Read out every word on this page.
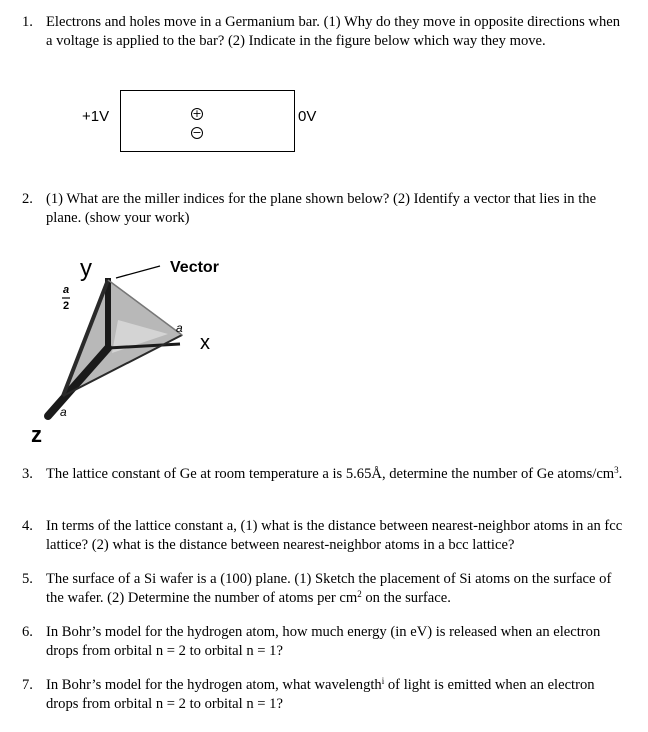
1. Electrons and holes move in a Germanium bar. (1) Why do they move in opposite directions when a voltage is applied to the bar? (2) Indicate in the figure below which way they move.
+1V	+
−
0V
2. (1) What are the miller indices for the plane shown below? (2) Identify a vector that lies in the plane. (show your work)
y	Vector
a
2
a
x
a
z
3. The lattice constant of Ge at room temperature a is 5.65Å, determine the number of Ge atoms/$cm^3$.
4. In terms of the lattice constant a, (1) what is the distance between nearest-neighbor atoms in an fcc lattice? (2) what is the distance between nearest-neighbor atoms in a bcc lattice?
5. The surface of a Si wafer is a (100) plane. (1) Sketch the placement of Si atoms on the surface of the wafer. (2) Determine the number of atoms per $cm^2$ on the surface.
6. In Bohr’s model for the hydrogen atom, how much energy (in eV) is released when an electron drops from orbital n = 2 to orbital n = 1?
7. In Bohr’s model for the hydrogen atom, what wavelength$^i$ of light is emitted when an electron drops from orbital n = 2 to orbital n = 1?
